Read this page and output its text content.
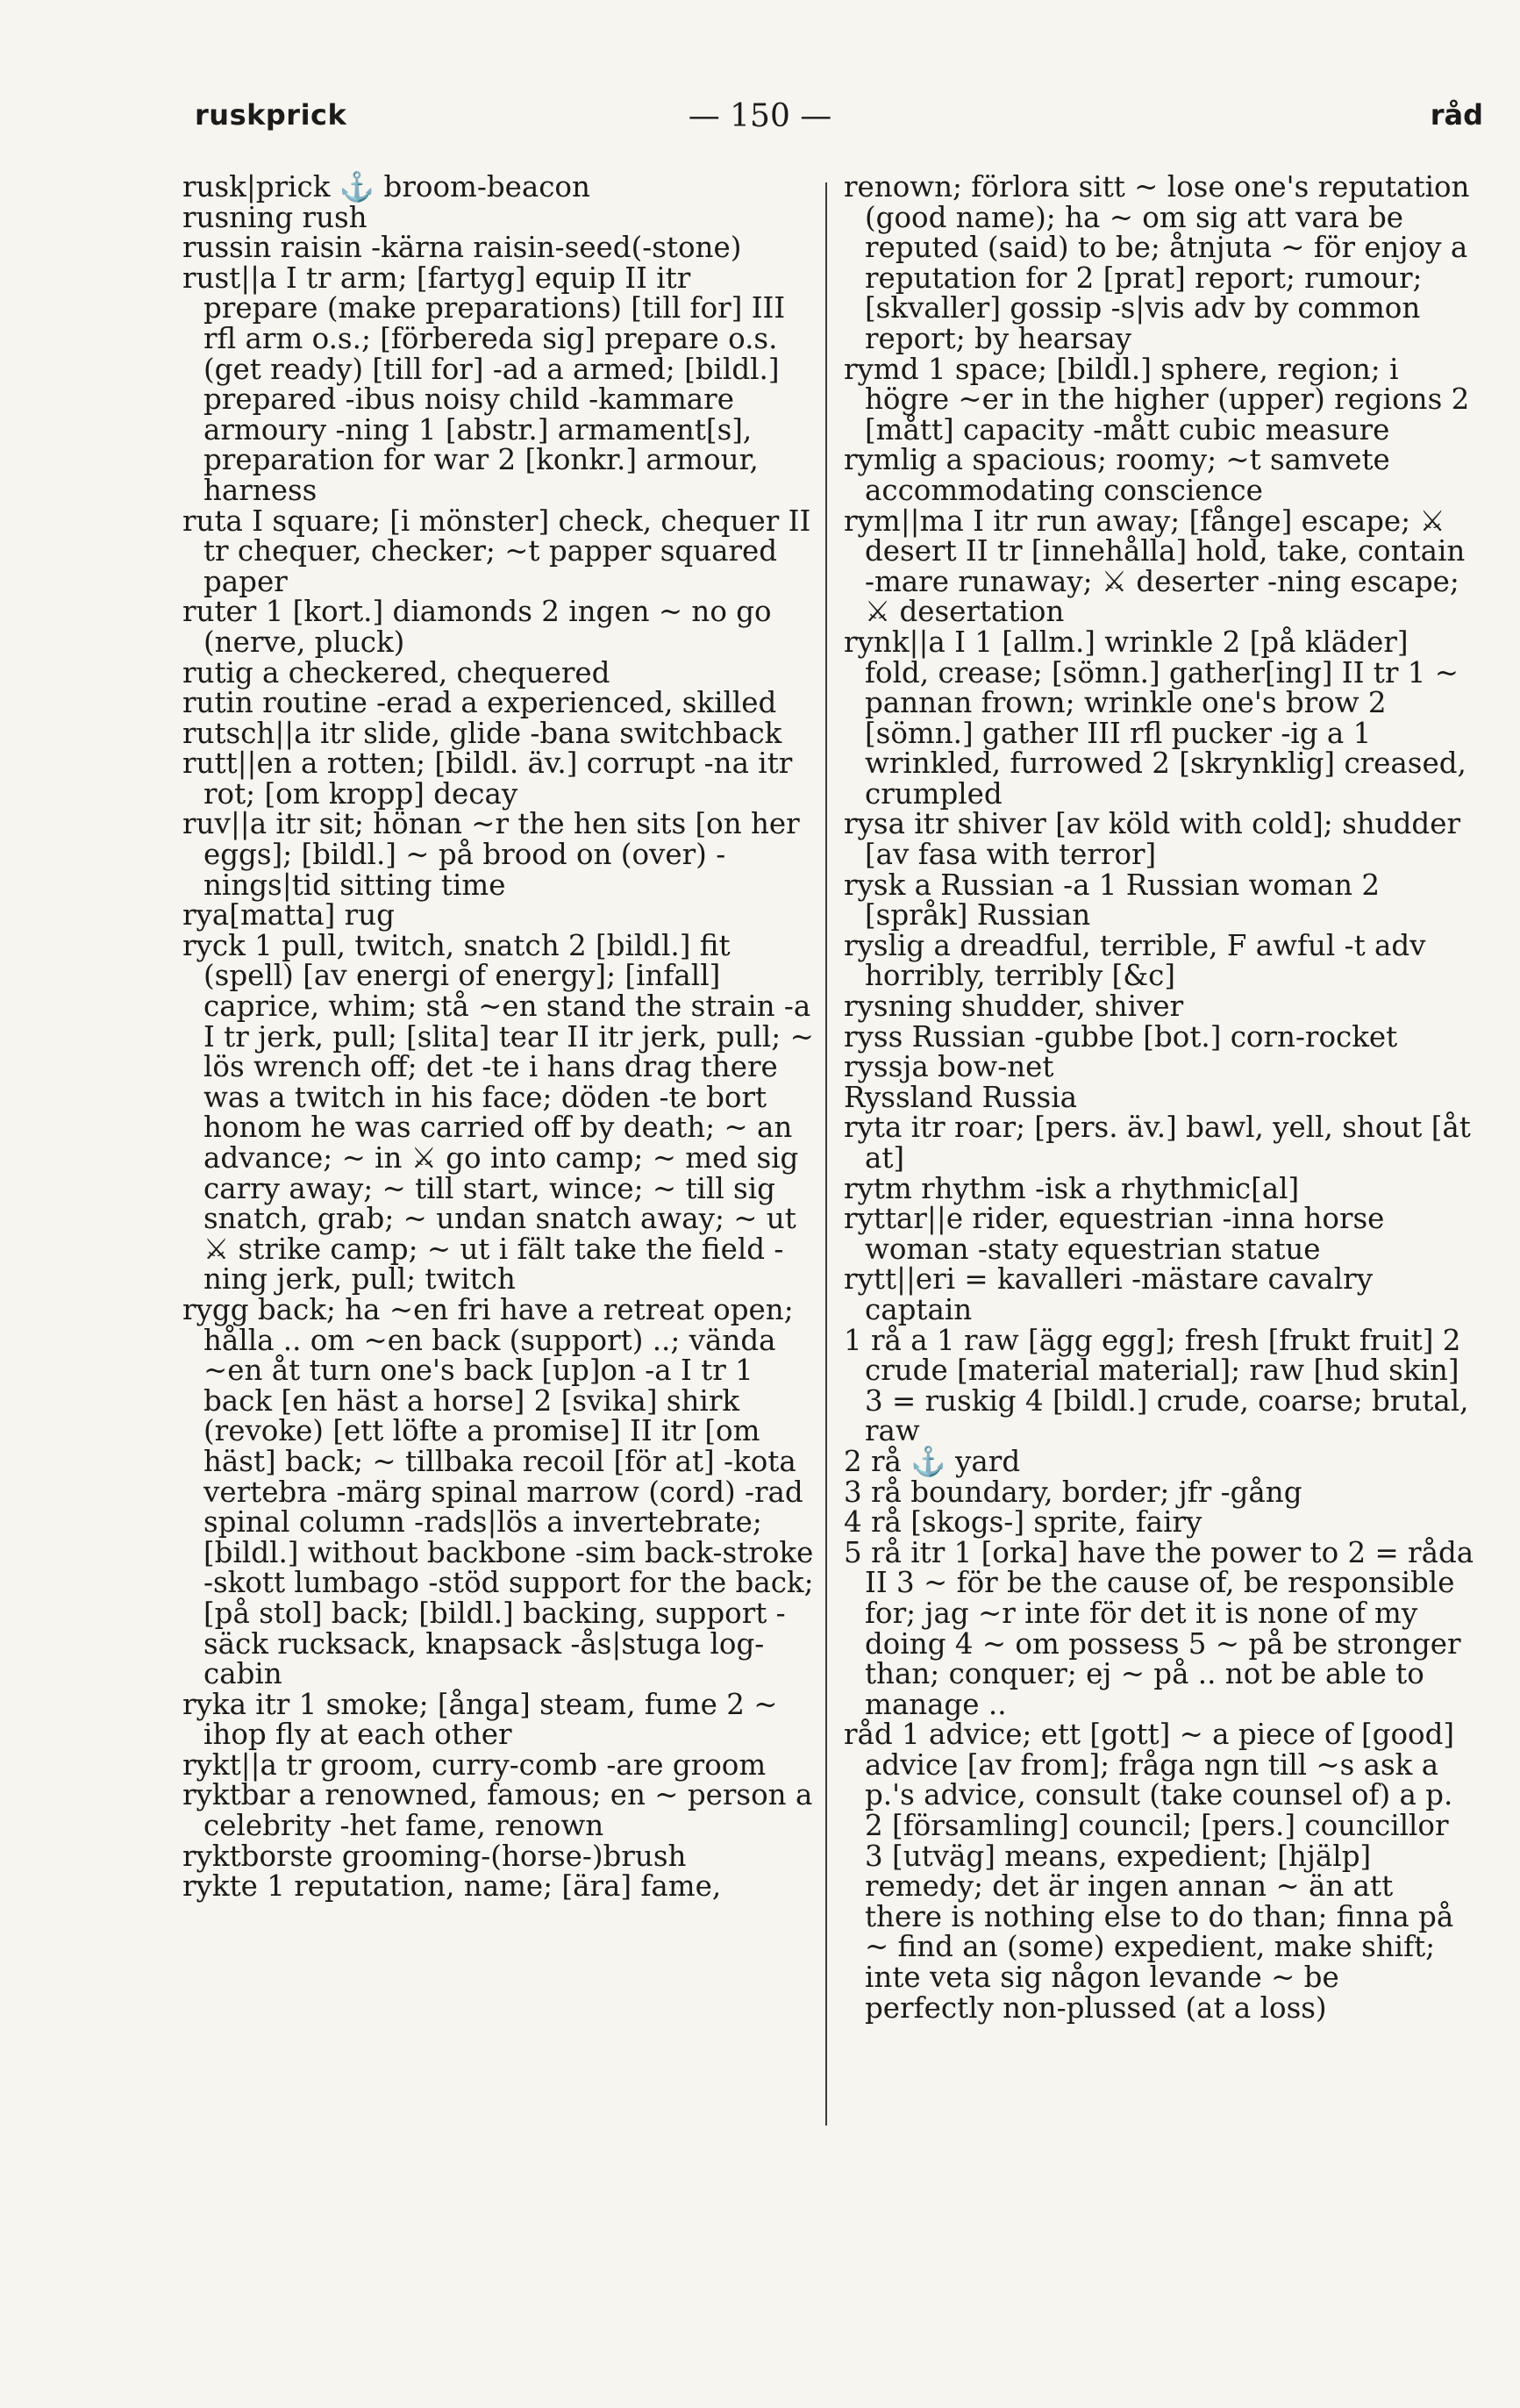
ruskprick	— 150 —	råd

rusk|prick ⚓ broom-beacon

rusning rush

russin raisin -kärna raisin-seed(-stone)

rust||a I tr arm; [fartyg] equip II itr prepare (make preparations) [till for] III rfl arm o.s.; [förbereda sig] prepare o.s. (get ready) [till for] -ad a armed; [bildl.] prepared -ibus noisy child -kammare armoury -ning 1 [abstr.] armament[s], preparation for war 2 [konkr.] armour, harness

ruta I square; [i mönster] check, chequer II tr chequer, checker; ~t papper squared paper

ruter 1 [kort.] diamonds 2 ingen ~ no go (nerve, pluck)

rutig a checkered, chequered

rutin routine -erad a experienced, skilled

rutsch||a itr slide, glide -bana switchback

rutt||en a rotten; [bildl. äv.] corrupt -na itr rot; [om kropp] decay

ruv||a itr sit; hönan ~r the hen sits [on her eggs]; [bildl.] ~ på brood on (over) -nings|tid sitting time

rya[matta] rug

ryck 1 pull, twitch, snatch 2 [bildl.] fit (spell) [av energi of energy]; [infall] caprice, whim; stå ~en stand the strain -a I tr jerk, pull; [slita] tear II itr jerk, pull; ~ lös wrench off; det -te i hans drag there was a twitch in his face; döden -te bort honom he was carried off by death; ~ an advance; ~ in ⚔ go into camp; ~ med sig carry away; ~ till start, wince; ~ till sig snatch, grab; ~ undan snatch away; ~ ut ⚔ strike camp; ~ ut i fält take the field -ning jerk, pull; twitch

rygg back; ha ~en fri have a retreat open; hålla .. om ~en back (support) ..; vända ~en åt turn one's back [up]on -a I tr 1 back [en häst a horse] 2 [svika] shirk (revoke) [ett löfte a promise] II itr [om häst] back; ~ tillbaka recoil [för at] -kota vertebra -märg spinal marrow (cord) -rad spinal column -rads|lös a invertebrate; [bildl.] without backbone -sim back-stroke -skott lumbago -stöd support for the back; [på stol] back; [bildl.] backing, support -säck rucksack, knapsack -ås|stuga log-cabin

ryka itr 1 smoke; [ånga] steam, fume 2 ~ ihop fly at each other

rykt||a tr groom, curry-comb -are groom

ryktbar a renowned, famous; en ~ person a celebrity -het fame, renown

ryktborste grooming-(horse-)brush

rykte 1 reputation, name; [ära] fame,

renown; förlora sitt ~ lose one's reputation (good name); ha ~ om sig att vara be reputed (said) to be; åtnjuta ~ för enjoy a reputation for 2 [prat] report; rumour; [skvaller] gossip -s|vis adv by common report; by hearsay

rymd 1 space; [bildl.] sphere, region; i högre ~er in the higher (upper) regions 2 [mått] capacity -mått cubic measure

rymlig a spacious; roomy; ~t samvete accommodating conscience

rym||ma I itr run away; [fånge] escape; ⚔ desert II tr [innehålla] hold, take, contain -mare runaway; ⚔ deserter -ning escape; ⚔ desertation

rynk||a I 1 [allm.] wrinkle 2 [på kläder] fold, crease; [sömn.] gather[ing] II tr 1 ~ pannan frown; wrinkle one's brow 2 [sömn.] gather III rfl pucker -ig a 1 wrinkled, furrowed 2 [skrynklig] creased, crumpled

rysa itr shiver [av köld with cold]; shudder [av fasa with terror]

rysk a Russian -a 1 Russian woman 2 [språk] Russian

ryslig a dreadful, terrible, F awful -t adv horribly, terribly [&c]

rysning shudder, shiver

ryss Russian -gubbe [bot.] corn-rocket

ryssja bow-net

Ryssland Russia

ryta itr roar; [pers. äv.] bawl, yell, shout [åt at]

rytm rhythm -isk a rhythmic[al]

ryttar||e rider, equestrian -inna horse woman -staty equestrian statue

rytt||eri = kavalleri -mästare cavalry captain

1 rå a 1 raw [ägg egg]; fresh [frukt fruit] 2 crude [material material]; raw [hud skin] 3 = ruskig 4 [bildl.] crude, coarse; brutal, raw

2 rå ⚓ yard

3 rå boundary, border; jfr -gång

4 rå [skogs-] sprite, fairy

5 rå itr 1 [orka] have the power to 2 = råda II 3 ~ för be the cause of, be responsible for; jag ~r inte för det it is none of my doing 4 ~ om possess 5 ~ på be stronger than; conquer; ej ~ på .. not be able to manage ..

råd 1 advice; ett [gott] ~ a piece of [good] advice [av from]; fråga ngn till ~s ask a p.'s advice, consult (take counsel of) a p. 2 [församling] council; [pers.] councillor 3 [utväg] means, expedient; [hjälp] remedy; det är ingen annan ~ än att there is nothing else to do than; finna på ~ find an (some) expedient, make shift; inte veta sig någon levande ~ be perfectly non-plussed (at a loss)
